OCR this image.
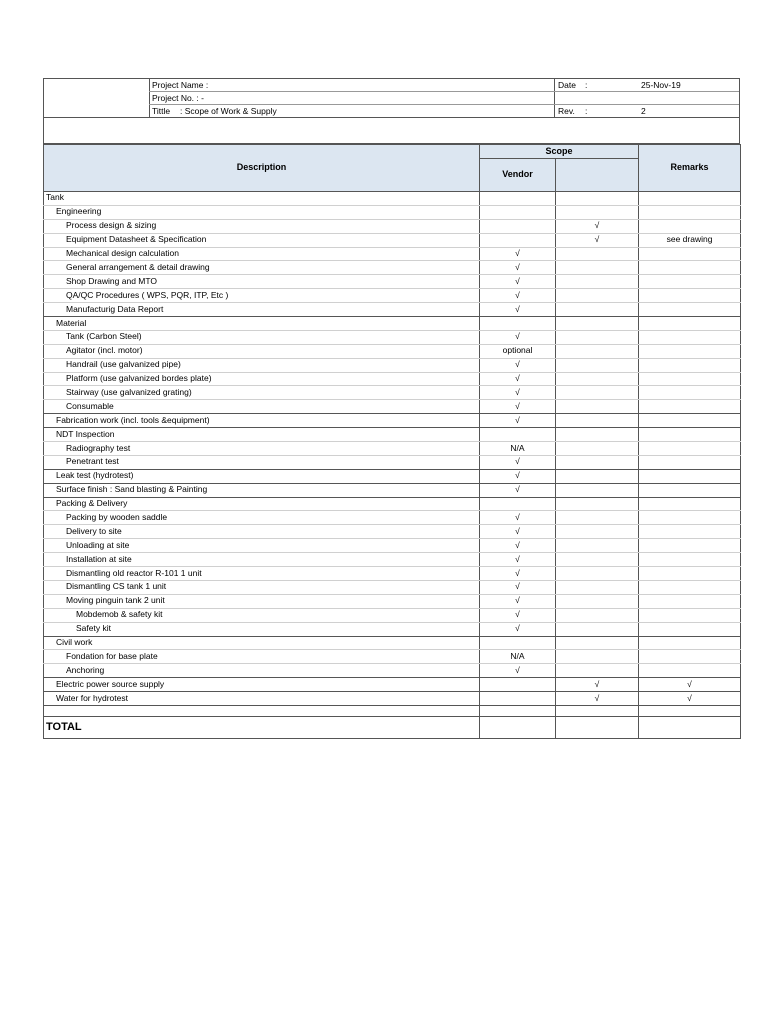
Project Name :
Project No. : -
Tittle : Scope of Work & Supply
Date :	25-Nov-19
Rev. :	2
Description	Scope		Remarks
	Vendor		
Tank			
Engineering			
Process design & sizing		√	
Equipment Datasheet & Specification		√	see drawing
Mechanical design calculation	√		
General arrangement & detail drawing	√		
Shop Drawing and MTO	√		
QA/QC Procedures ( WPS, PQR, ITP, Etc )	√		
Manufacturig Data Report	√		
Material			
Tank (Carbon Steel)	√		
Agitator (incl. motor)	optional		
Handrail (use galvanized pipe)	√		
Platform (use galvanized bordes plate)	√		
Stairway (use galvanized grating)	√		
Consumable	√		
Fabrication work (incl. tools &equipment)	√		
NDT Inspection			
Radiography test	N/A		
Penetrant test	√		
Leak test (hydrotest)	√		
Surface finish : Sand blasting & Painting	√		
Packing & Delivery			
Packing by wooden saddle	√		
Delivery to site	√		
Unloading at site	√		
Installation at site	√		
Dismantling old reactor R-101 1 unit	√		
Dismantling CS tank 1 unit	√		
Moving pinguin tank 2 unit	√		
Mobdemob & safety kit	√		
Safety kit	√		
Civil work			
Fondation for base plate	N/A		
Anchoring	√		
Electric power source supply		√	√
Water for hydrotest		√	√

TOTAL			
